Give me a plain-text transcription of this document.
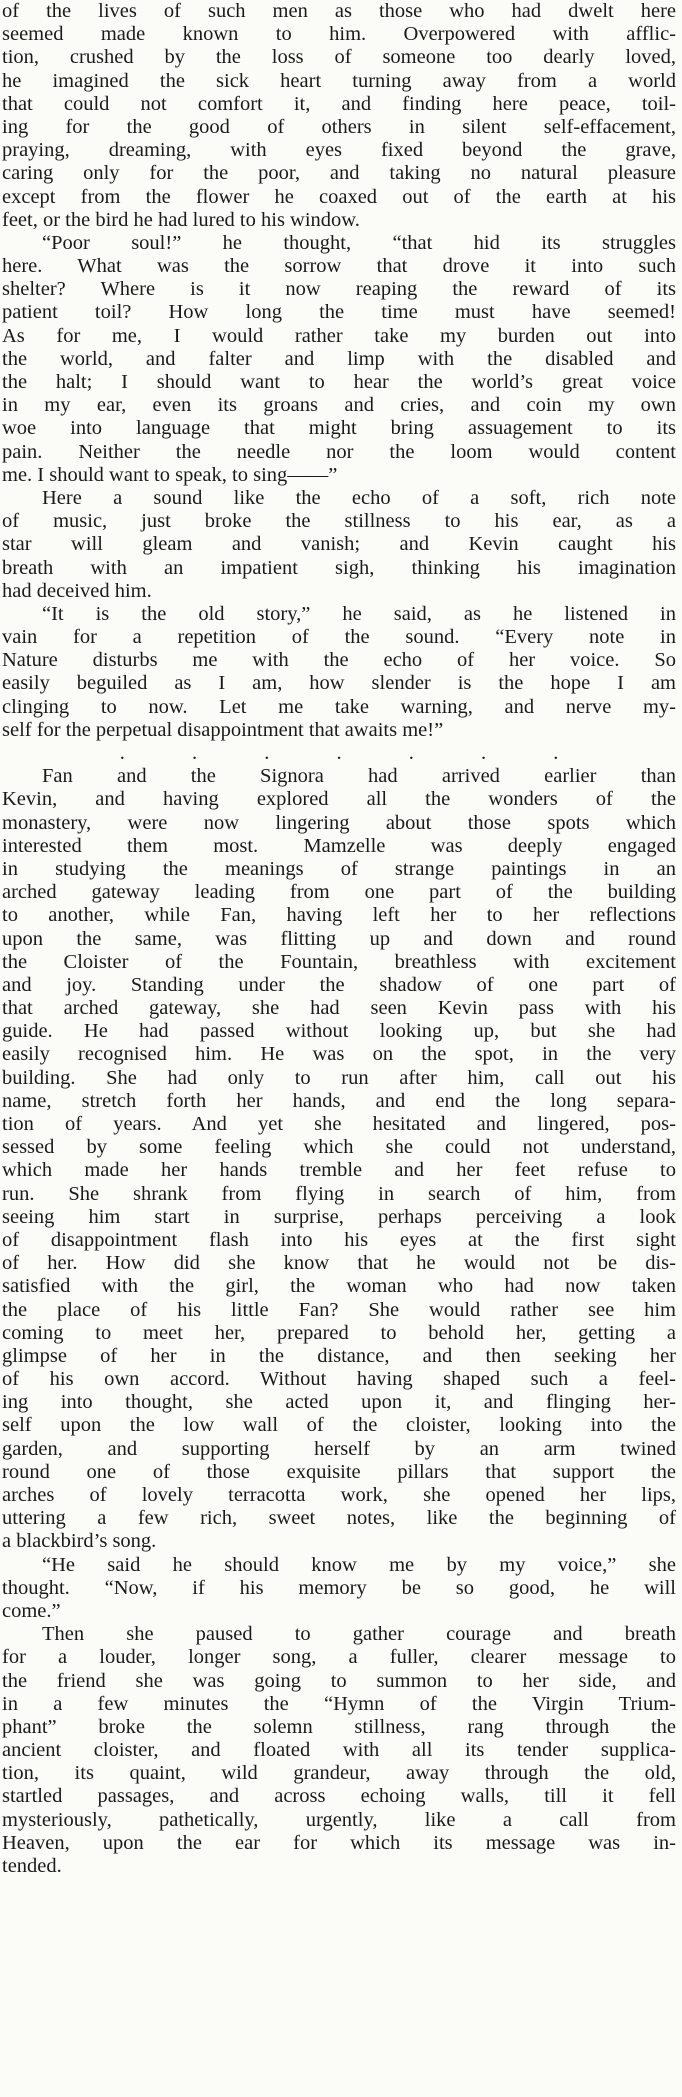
of the lives of such men as those who had dwelt here
seemed made known to him. Overpowered with afflic-
tion, crushed by the loss of someone too dearly loved,
he imagined the sick heart turning away from a world
that could not comfort it, and finding here peace, toil-
ing for the good of others in silent self-effacement,
praying, dreaming, with eyes fixed beyond the grave,
caring only for the poor, and taking no natural pleasure
except from the flower he coaxed out of the earth at his
feet, or the bird he had lured to his window.
“Poor soul!” he thought, “that hid its struggles
here. What was the sorrow that drove it into such
shelter? Where is it now reaping the reward of its
patient toil? How long the time must have seemed!
As for me, I would rather take my burden out into
the world, and falter and limp with the disabled and
the halt; I should want to hear the world’s great voice
in my ear, even its groans and cries, and coin my own
woe into language that might bring assuagement to its
pain. Neither the needle nor the loom would content
me. I should want to speak, to sing——”
Here a sound like the echo of a soft, rich note
of music, just broke the stillness to his ear, as a
star will gleam and vanish; and Kevin caught his
breath with an impatient sigh, thinking his imagination
had deceived him.
“It is the old story,” he said, as he listened in
vain for a repetition of the sound. “Every note in
Nature disturbs me with the echo of her voice. So
easily beguiled as I am, how slender is the hope I am
clinging to now. Let me take warning, and nerve my-
self for the perpetual disappointment that awaits me!”
. . . . . . .
Fan and the Signora had arrived earlier than
Kevin, and having explored all the wonders of the
monastery, were now lingering about those spots which
interested them most. Mamzelle was deeply engaged
in studying the meanings of strange paintings in an
arched gateway leading from one part of the building
to another, while Fan, having left her to her reflections
upon the same, was flitting up and down and round
the Cloister of the Fountain, breathless with excitement
and joy. Standing under the shadow of one part of
that arched gateway, she had seen Kevin pass with his
guide. He had passed without looking up, but she had
easily recognised him. He was on the spot, in the very
building. She had only to run after him, call out his
name, stretch forth her hands, and end the long separa-
tion of years. And yet she hesitated and lingered, pos-
sessed by some feeling which she could not understand,
which made her hands tremble and her feet refuse to
run. She shrank from flying in search of him, from
seeing him start in surprise, perhaps perceiving a look
of disappointment flash into his eyes at the first sight
of her. How did she know that he would not be dis-
satisfied with the girl, the woman who had now taken
the place of his little Fan? She would rather see him
coming to meet her, prepared to behold her, getting a
glimpse of her in the distance, and then seeking her
of his own accord. Without having shaped such a feel-
ing into thought, she acted upon it, and flinging her-
self upon the low wall of the cloister, looking into the
garden, and supporting herself by an arm twined
round one of those exquisite pillars that support the
arches of lovely terracotta work, she opened her lips,
uttering a few rich, sweet notes, like the beginning of
a blackbird’s song.
“He said he should know me by my voice,” she
thought. “Now, if his memory be so good, he will
come.”
Then she paused to gather courage and breath
for a louder, longer song, a fuller, clearer message to
the friend she was going to summon to her side, and
in a few minutes the “Hymn of the Virgin Trium-
phant” broke the solemn stillness, rang through the
ancient cloister, and floated with all its tender supplica-
tion, its quaint, wild grandeur, away through the old,
startled passages, and across echoing walls, till it fell
mysteriously, pathetically, urgently, like a call from
Heaven, upon the ear for which its message was in-
tended.
